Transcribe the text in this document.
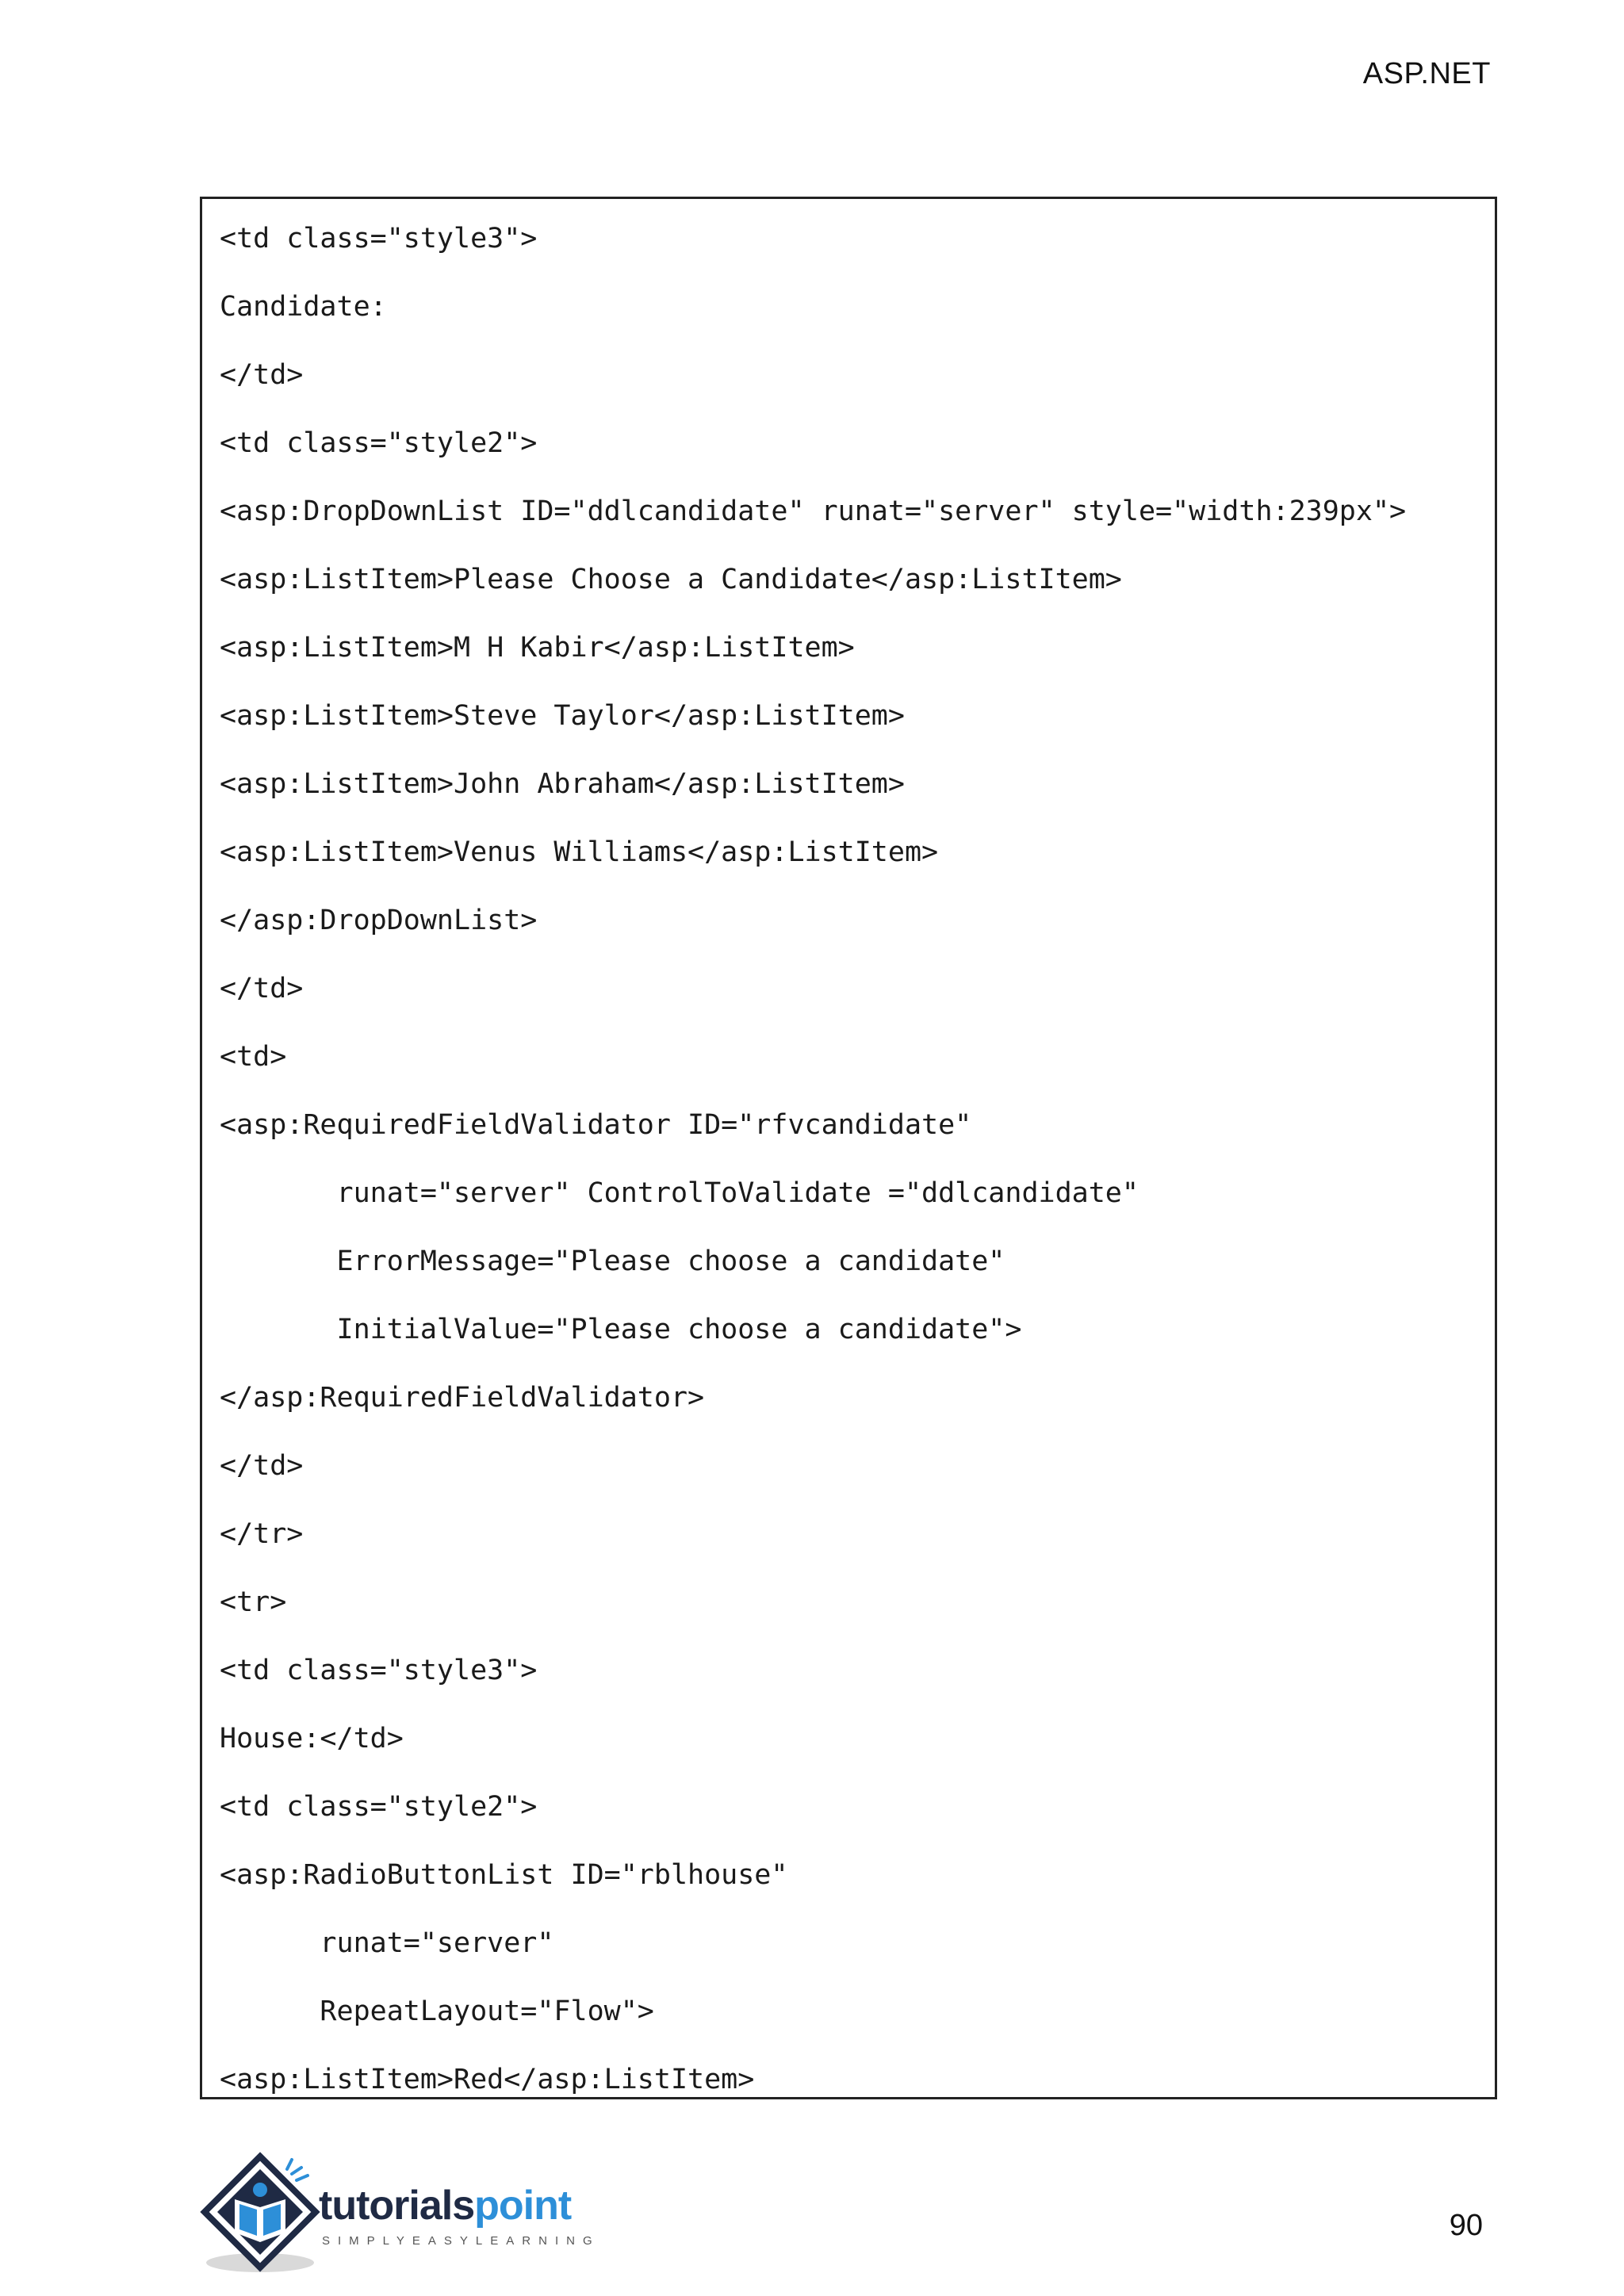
ASP.NET
<td class="style3">
Candidate:
</td>
<td class="style2">
<asp:DropDownList ID="ddlcandidate" runat="server" style="width:239px">
<asp:ListItem>Please Choose a Candidate</asp:ListItem>
<asp:ListItem>M H Kabir</asp:ListItem>
<asp:ListItem>Steve Taylor</asp:ListItem>
<asp:ListItem>John Abraham</asp:ListItem>
<asp:ListItem>Venus Williams</asp:ListItem>
</asp:DropDownList>
</td>
<td>
<asp:RequiredFieldValidator ID="rfvcandidate"
runat="server" ControlToValidate ="ddlcandidate"
ErrorMessage="Please choose a candidate"
InitialValue="Please choose a candidate">
</asp:RequiredFieldValidator>
</td>
</tr>
<tr>
<td class="style3">
House:</td>
<td class="style2">
<asp:RadioButtonList ID="rblhouse"
runat="server"
RepeatLayout="Flow">
<asp:ListItem>Red</asp:ListItem>
tutorialspoint
SIMPLYEASYLEARNING	90
